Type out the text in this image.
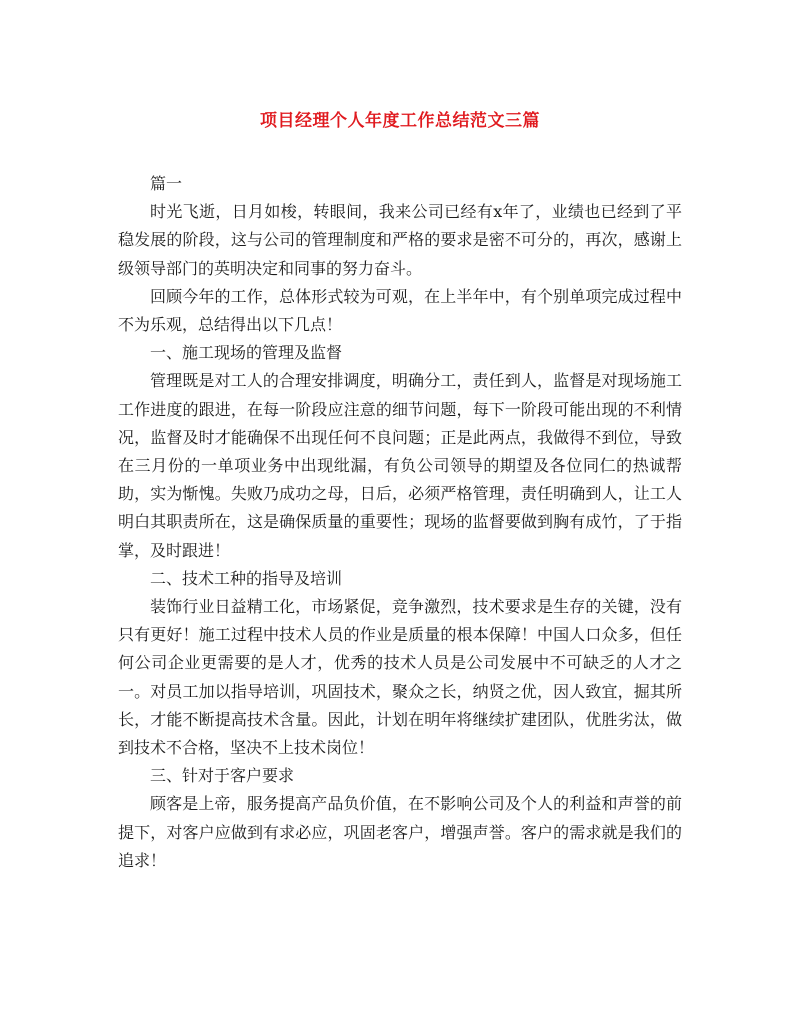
项目经理个人年度工作总结范文三篇

篇一

时光飞逝，日月如梭，转眼间，我来公司已经有x年了，业绩也已经到了平稳发展的阶段，这与公司的管理制度和严格的要求是密不可分的，再次，感谢上级领导部门的英明决定和同事的努力奋斗。

回顾今年的工作，总体形式较为可观，在上半年中，有个别单项完成过程中不为乐观，总结得出以下几点！

一、施工现场的管理及监督

管理既是对工人的合理安排调度，明确分工，责任到人，监督是对现场施工工作进度的跟进，在每一阶段应注意的细节问题，每下一阶段可能出现的不利情况，监督及时才能确保不出现任何不良问题；正是此两点，我做得不到位，导致在三月份的一单项业务中出现纰漏，有负公司领导的期望及各位同仁的热诚帮助，实为惭愧。失败乃成功之母，日后，必须严格管理，责任明确到人，让工人明白其职责所在，这是确保质量的重要性；现场的监督要做到胸有成竹，了于指掌，及时跟进！

二、技术工种的指导及培训

装饰行业日益精工化，市场紧促，竞争激烈，技术要求是生存的关键，没有只有更好！施工过程中技术人员的作业是质量的根本保障！中国人口众多，但任何公司企业更需要的是人才，优秀的技术人员是公司发展中不可缺乏的人才之一。对员工加以指导培训，巩固技术，聚众之长，纳贤之优，因人致宜，掘其所长，才能不断提高技术含量。因此，计划在明年将继续扩建团队，优胜劣汰，做到技术不合格，坚决不上技术岗位！

三、针对于客户要求

顾客是上帝，服务提高产品负价值，在不影响公司及个人的利益和声誉的前提下，对客户应做到有求必应，巩固老客户，增强声誉。客户的需求就是我们的追求！
